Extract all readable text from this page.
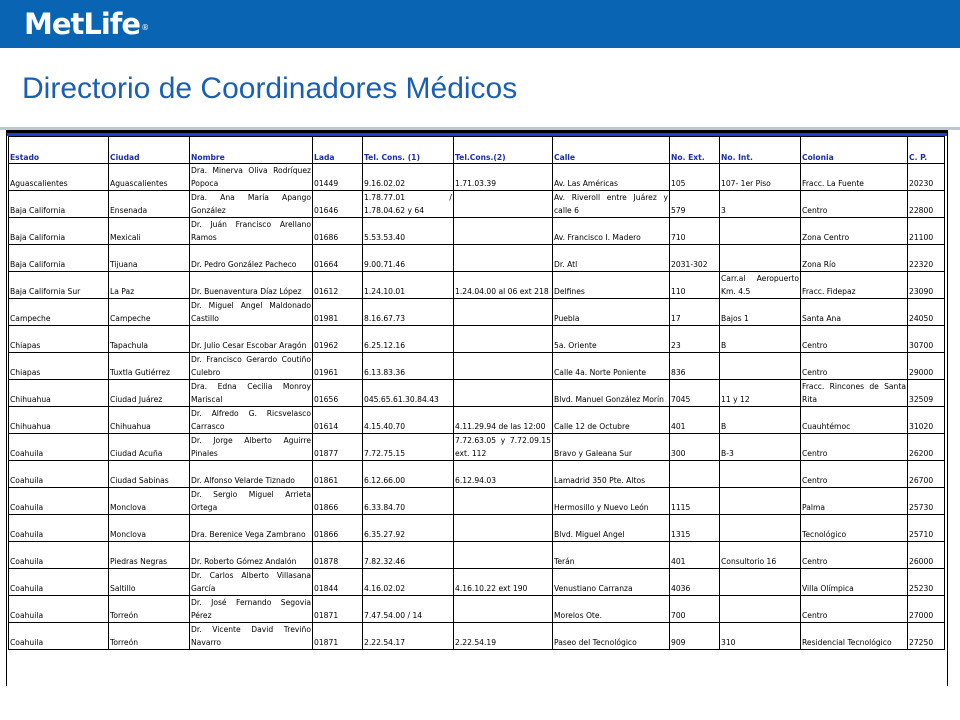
MetLife®
Directorio de Coordinadores Médicos
Estado	Ciudad	Nombre	Lada	Tel. Cons. (1)	Tel.Cons.(2)	Calle	No. Ext.	No. Int.	Colonia	C. P.
Aguascalientes	Aguascalientes	Dra. Minerva Oliva Rodríquez Popoca	01449	9.16.02.02	1.71.03.39	Av. Las Américas	105	107- 1er Piso	Fracc. La Fuente	20230
Baja California	Ensenada	Dra. Ana María Apango González	01646	1.78.77.01 / 1.78.04.62 y 64		Av. Riveroll entre Juárez y calle 6	579	3	Centro	22800
Baja California	Mexicali	Dr. Juán Francisco Arellano Ramos	01686	5.53.53.40		Av. Francisco I. Madero	710		Zona Centro	21100
Baja California	Tijuana	Dr. Pedro González Pacheco	01664	9.00.71.46		Dr. Atl	2031-302		Zona Río	22320
Baja California Sur	La Paz	Dr. Buenaventura Díaz López	01612	1.24.10.01	1.24.04.00 al 06 ext 218	Delfines	110	Carr.al Aeropuerto Km. 4.5	Fracc. Fidepaz	23090
Campeche	Campeche	Dr. Miguel Angel Maldonado Castillo	01981	8.16.67.73		Puebla	17	Bajos 1	Santa Ana	24050
Chiapas	Tapachula	Dr. Julio Cesar Escobar Aragón	01962	6.25.12.16		5a. Oriente	23	B	Centro	30700
Chiapas	Tuxtla Gutiérrez	Dr. Francisco Gerardo Coutiño Culebro	01961	6.13.83.36		Calle 4a. Norte Poniente	836		Centro	29000
Chihuahua	Ciudad Juárez	Dra. Edna Cecilia Monroy Mariscal	01656	045.65.61.30.84.43		Blvd. Manuel González Morín	7045	11 y 12	Fracc. Rincones de Santa Rita	32509
Chihuahua	Chihuahua	Dr. Alfredo G. Ricsvelasco Carrasco	01614	4.15.40.70	4.11.29.94 de las 12:00	Calle 12 de Octubre	401	B	Cuauhtémoc	31020
Coahuila	Ciudad Acuña	Dr. Jorge Alberto Aguirre Pinales	01877	7.72.75.15	7.72.63.05 y 7.72.09.15 ext. 112	Bravo y Galeana Sur	300	B-3	Centro	26200
Coahuila	Ciudad Sabinas	Dr. Alfonso Velarde Tiznado	01861	6.12.66.00	6.12.94.03	Lamadrid 350 Pte. Altos			Centro	26700
Coahuila	Monclova	Dr. Sergio Miguel Arrieta Ortega	01866	6.33.84.70		Hermosillo y Nuevo León	1115		Palma	25730
Coahuila	Monclova	Dra. Berenice Vega Zambrano	01866	6.35.27.92		Blvd. Miguel Angel	1315		Tecnológico	25710
Coahuila	Piedras Negras	Dr. Roberto Gómez Andalón	01878	7.82.32.46		Terán	401	Consultorio 16	Centro	26000
Coahuila	Saltillo	Dr. Carlos Alberto Villasana García	01844	4.16.02.02	4.16.10.22 ext 190	Venustiano Carranza	4036		Villa Olímpica	25230
Coahuila	Torreón	Dr. José Fernando Segovia Pérez	01871	7.47.54.00 / 14		Morelos Ote.	700		Centro	27000
Coahuila	Torreón	Dr. Vicente David Treviño Navarro	01871	2.22.54.17	2.22.54.19	Paseo del Tecnológico	909	310	Residencial Tecnológico	27250
